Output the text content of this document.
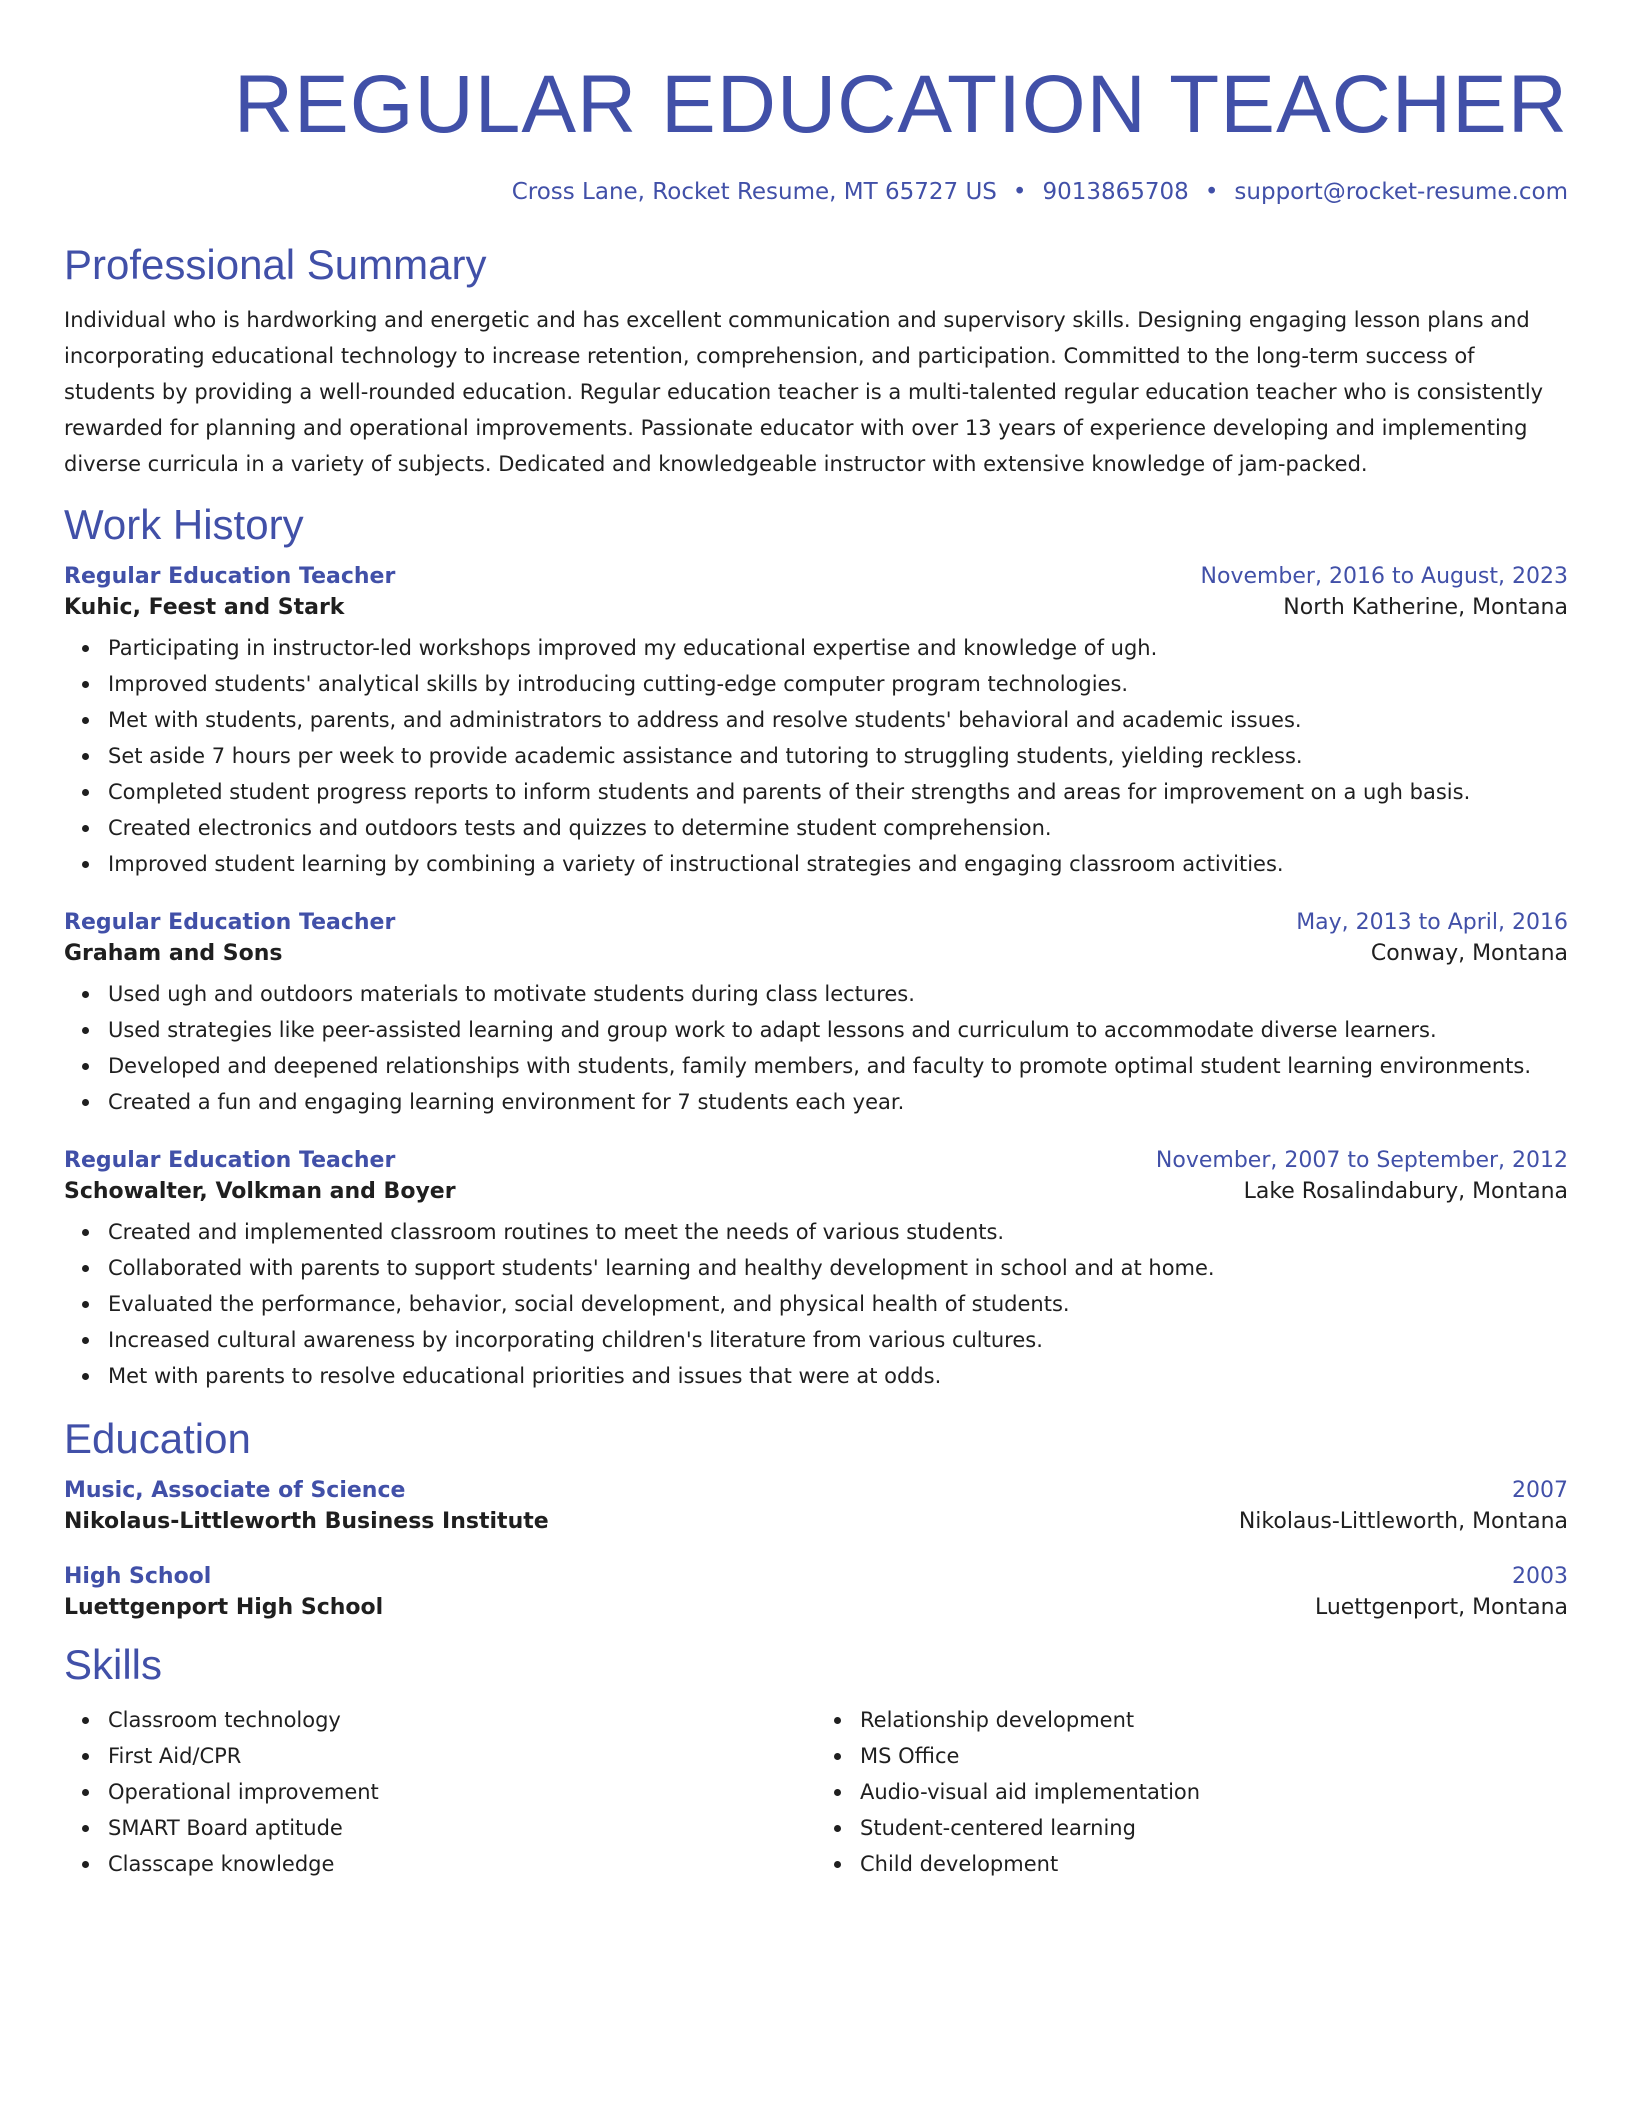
REGULAR EDUCATION TEACHER
Cross Lane, Rocket Resume, MT 65727 US • 9013865708 • support@rocket-resume.com
Professional Summary

Individual who is hardworking and energetic and has excellent communication and supervisory skills. Designing engaging lesson plans and incorporating educational technology to increase retention, comprehension, and participation. Committed to the long-term success of students by providing a well-rounded education. Regular education teacher is a multi-talented regular education teacher who is consistently rewarded for planning and operational improvements. Passionate educator with over 13 years of experience developing and implementing diverse curricula in a variety of subjects. Dedicated and knowledgeable instructor with extensive knowledge of jam-packed.

Work History
Regular Education Teacher	November, 2016 to August, 2023
Kuhic, Feest and Stark	North Katherine, Montana
Participating in instructor-led workshops improved my educational expertise and knowledge of ugh.
Improved students' analytical skills by introducing cutting-edge computer program technologies.
Met with students, parents, and administrators to address and resolve students' behavioral and academic issues.
Set aside 7 hours per week to provide academic assistance and tutoring to struggling students, yielding reckless.
Completed student progress reports to inform students and parents of their strengths and areas for improvement on a ugh basis.
Created electronics and outdoors tests and quizzes to determine student comprehension.
Improved student learning by combining a variety of instructional strategies and engaging classroom activities.
Regular Education Teacher	May, 2013 to April, 2016
Graham and Sons	Conway, Montana
Used ugh and outdoors materials to motivate students during class lectures.
Used strategies like peer-assisted learning and group work to adapt lessons and curriculum to accommodate diverse learners.
Developed and deepened relationships with students, family members, and faculty to promote optimal student learning environments.
Created a fun and engaging learning environment for 7 students each year.
Regular Education Teacher	November, 2007 to September, 2012
Schowalter, Volkman and Boyer	Lake Rosalindabury, Montana
Created and implemented classroom routines to meet the needs of various students.
Collaborated with parents to support students' learning and healthy development in school and at home.
Evaluated the performance, behavior, social development, and physical health of students.
Increased cultural awareness by incorporating children's literature from various cultures.
Met with parents to resolve educational priorities and issues that were at odds.
Education
Music, Associate of Science	2007
Nikolaus-Littleworth Business Institute	Nikolaus-Littleworth, Montana
High School	2003
Luettgenport High School	Luettgenport, Montana
Skills
Classroom technology
First Aid/CPR
Operational improvement
SMART Board aptitude
Classcape knowledge
Relationship development
MS Office
Audio-visual aid implementation
Student-centered learning
Child development
